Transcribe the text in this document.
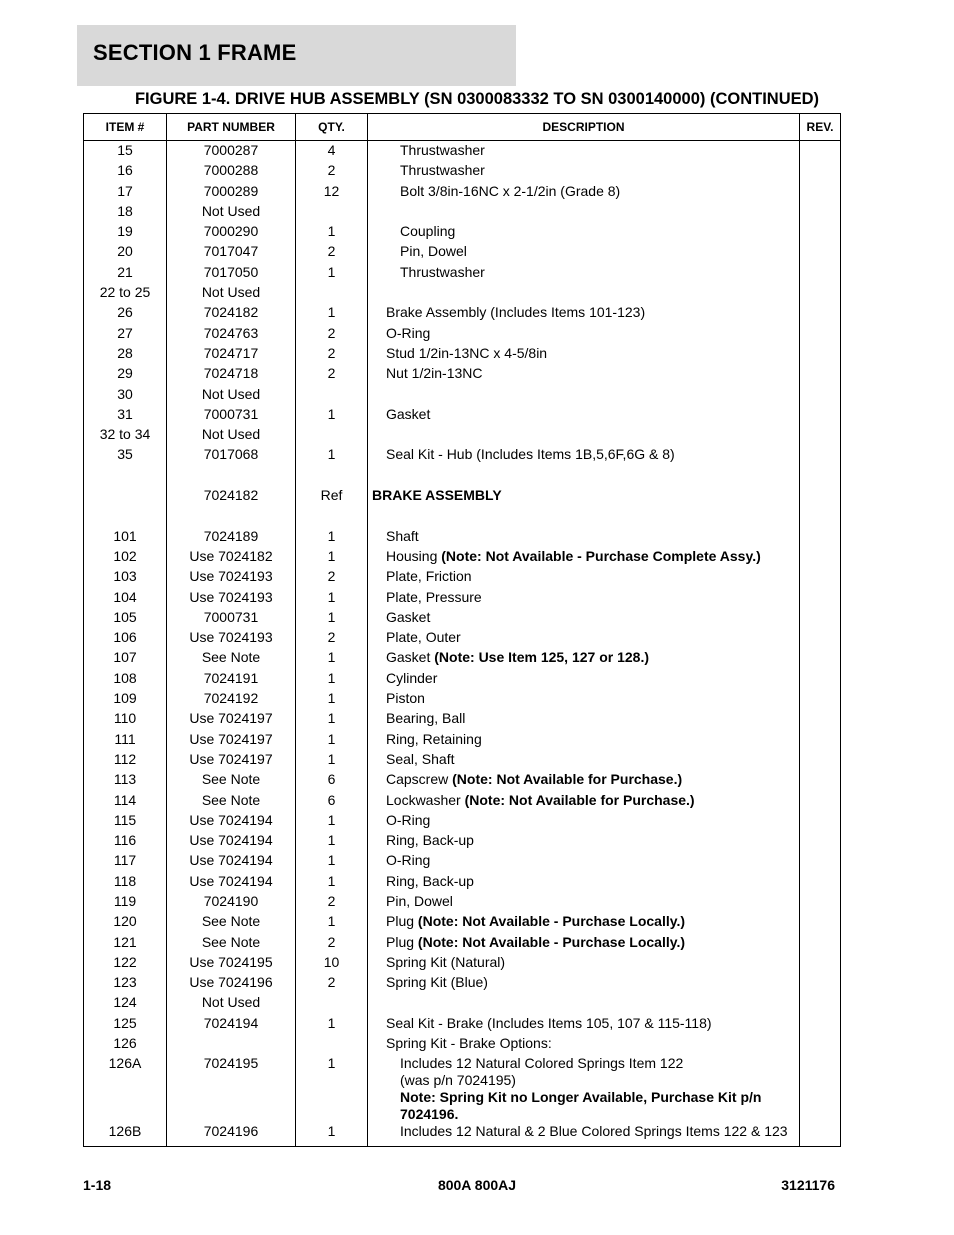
SECTION 1 FRAME
FIGURE 1-4. DRIVE HUB ASSEMBLY (SN 0300083332 TO SN 0300140000) (CONTINUED)
ITEM #	PART NUMBER	QTY.	DESCRIPTION	REV.
15	7000287	4	Thrustwasher	

16	7000288	2	Thrustwasher	

17	7000289	12	Bolt 3/8in-16NC x 2-1/2in (Grade 8)	

18	Not Used		

19	7000290	1	Coupling	

20	7017047	2	Pin, Dowel	

21	7017050	1	Thrustwasher	

22 to 25	Not Used		

26	7024182	1	Brake Assembly (Includes Items 101-123)	

27	7024763	2	O-Ring	

28	7024717	2	Stud 1/2in-13NC x 4-5/8in	

29	7024718	2	Nut 1/2in-13NC	

30	Not Used		

31	7000731	1	Gasket	

32 to 34	Not Used		

35	7017068	1	Seal Kit - Hub (Includes Items 1B,5,6F,6G & 8)	

	7024182	Ref	BRAKE ASSEMBLY	

101	7024189	1	Shaft	

102	Use 7024182	1	Housing (Note: Not Available - Purchase Complete Assy.)	

103	Use 7024193	2	Plate, Friction	

104	Use 7024193	1	Plate, Pressure	

105	7000731	1	Gasket	

106	Use 7024193	2	Plate, Outer	

107	See Note	1	Gasket (Note: Use Item 125, 127 or 128.)	

108	7024191	1	Cylinder	

109	7024192	1	Piston	

110	Use 7024197	1	Bearing, Ball	

111	Use 7024197	1	Ring, Retaining	

112	Use 7024197	1	Seal, Shaft	

113	See Note	6	Capscrew (Note: Not Available for Purchase.)	

114	See Note	6	Lockwasher (Note: Not Available for Purchase.)	

115	Use 7024194	1	O-Ring	

116	Use 7024194	1	Ring, Back-up	

117	Use 7024194	1	O-Ring	

118	Use 7024194	1	Ring, Back-up	

119	7024190	2	Pin, Dowel	

120	See Note	1	Plug (Note: Not Available - Purchase Locally.)	

121	See Note	2	Plug (Note: Not Available - Purchase Locally.)	

122	Use 7024195	10	Spring Kit (Natural)	

123	Use 7024196	2	Spring Kit (Blue)	

124	Not Used		

125	7024194	1	Seal Kit - Brake (Includes Items 105, 107 & 115-118)	

126			Spring Kit - Brake Options:	

126A	7024195	1	Includes 12 Natural Colored Springs Item 122
(was p/n 7024195)
Note: Spring Kit no Longer Available, Purchase Kit p/n 7024196.	

126B	7024196	1	Includes 12 Natural & 2 Blue Colored Springs Items 122 & 123	

1-18	800A 800AJ	3121176
